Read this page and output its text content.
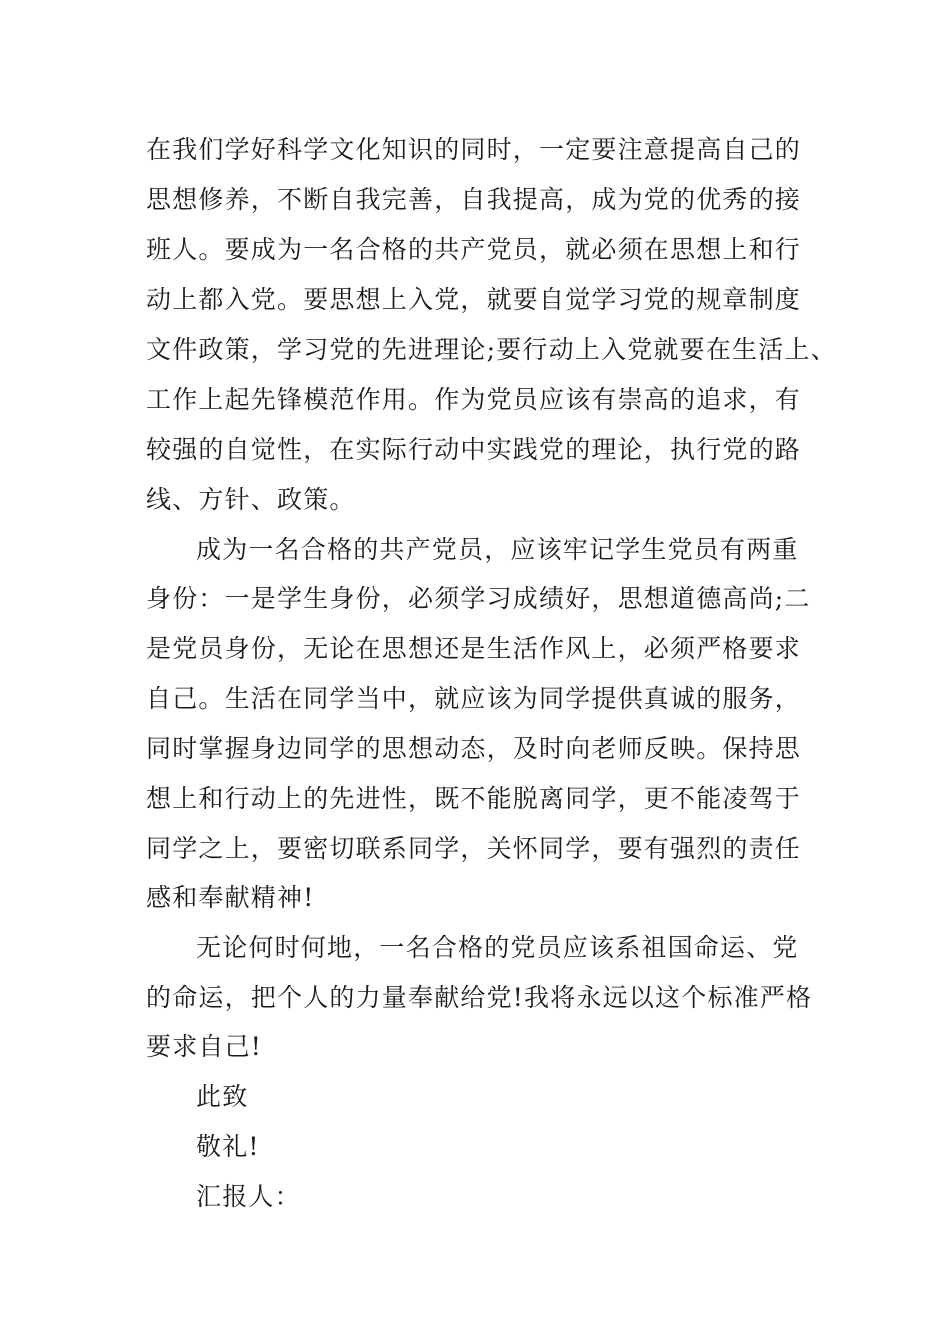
在我们学好科学文化知识的同时，一定要注意提高自己的
思想修养，不断自我完善，自我提高，成为党的优秀的接
班人。要成为一名合格的共产党员，就必须在思想上和行
动上都入党。要思想上入党，就要自觉学习党的规章制度
文件政策，学习党的先进理论;要行动上入党就要在生活上、
工作上起先锋模范作用。作为党员应该有崇高的追求，有
较强的自觉性，在实际行动中实践党的理论，执行党的路
线、方针、政策。
成为一名合格的共产党员，应该牢记学生党员有两重
身份：一是学生身份，必须学习成绩好，思想道德高尚;二
是党员身份，无论在思想还是生活作风上，必须严格要求
自己。生活在同学当中，就应该为同学提供真诚的服务，
同时掌握身边同学的思想动态，及时向老师反映。保持思
想上和行动上的先进性，既不能脱离同学，更不能凌驾于
同学之上，要密切联系同学，关怀同学，要有强烈的责任
感和奉献精神!
无论何时何地，一名合格的党员应该系祖国命运、党
的命运，把个人的力量奉献给党!我将永远以这个标准严格
要求自己!
此致
敬礼!
汇报人：
